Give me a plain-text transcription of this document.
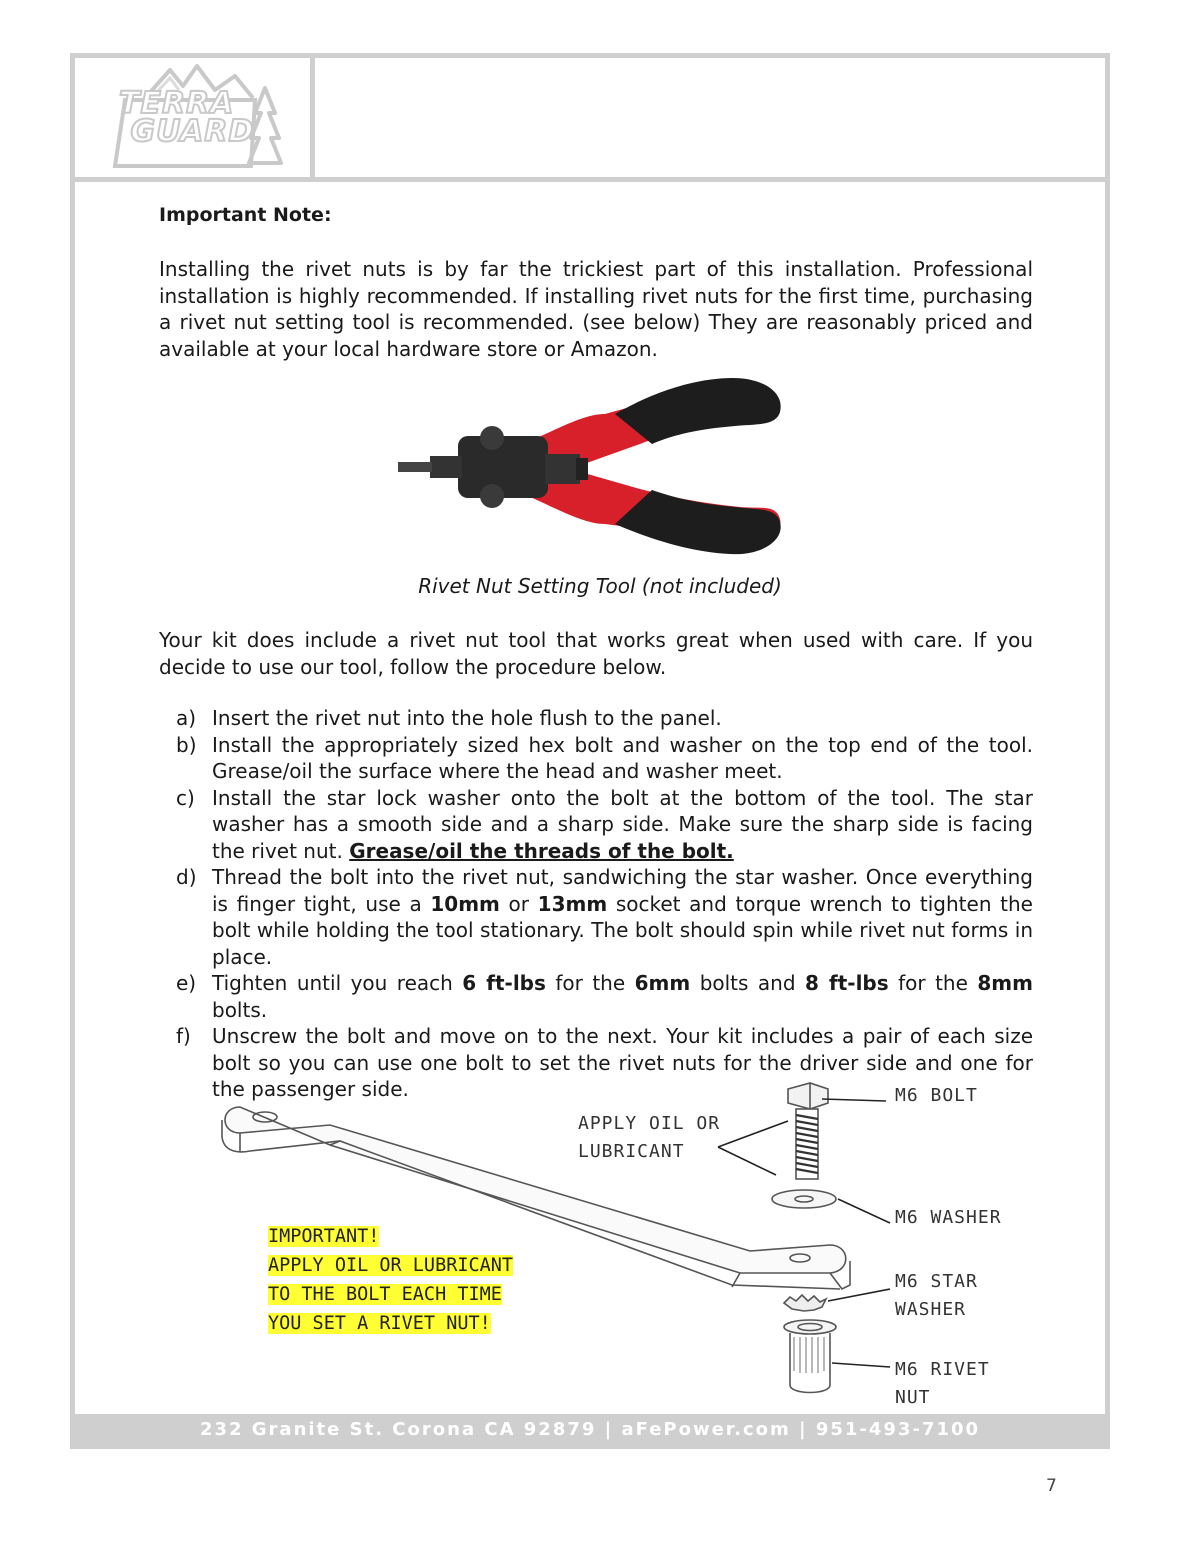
TERRA
GUARD
Important Note:

Installing the rivet nuts is by far the trickiest part of this installation. Professional installation is highly recommended. If installing rivet nuts for the first time, purchasing a rivet nut setting tool is recommended. (see below) They are reasonably priced and available at your local hardware store or Amazon.

Rivet Nut Setting Tool (not included)

Your kit does include a rivet nut tool that works great when used with care. If you decide to use our tool, follow the procedure below.

a) Insert the rivet nut into the hole flush to the panel.
b) Install the appropriately sized hex bolt and washer on the top end of the tool. Grease/oil the surface where the head and washer meet.
c) Install the star lock washer onto the bolt at the bottom of the tool. The star washer has a smooth side and a sharp side. Make sure the sharp side is facing the rivet nut. Grease/oil the threads of the bolt.
d) Thread the bolt into the rivet nut, sandwiching the star washer. Once everything is finger tight, use a 10mm or 13mm socket and torque wrench to tighten the bolt while holding the tool stationary. The bolt should spin while rivet nut forms in place.
e) Tighten until you reach 6 ft-lbs for the 6mm bolts and 8 ft-lbs for the 8mm bolts.
f) Unscrew the bolt and move on to the next. Your kit includes a pair of each size bolt so you can use one bolt to set the rivet nuts for the driver side and one for the passenger side.
APPLY OIL OR
LUBRICANT
M6 BOLT
M6 WASHER
M6 STAR
WASHER
M6 RIVET
NUT
IMPORTANT!
APPLY OIL OR LUBRICANT
TO THE BOLT EACH TIME
YOU SET A RIVET NUT!
232 Granite St. Corona CA 92879 | aFePower.com | 951-493-7100
7
